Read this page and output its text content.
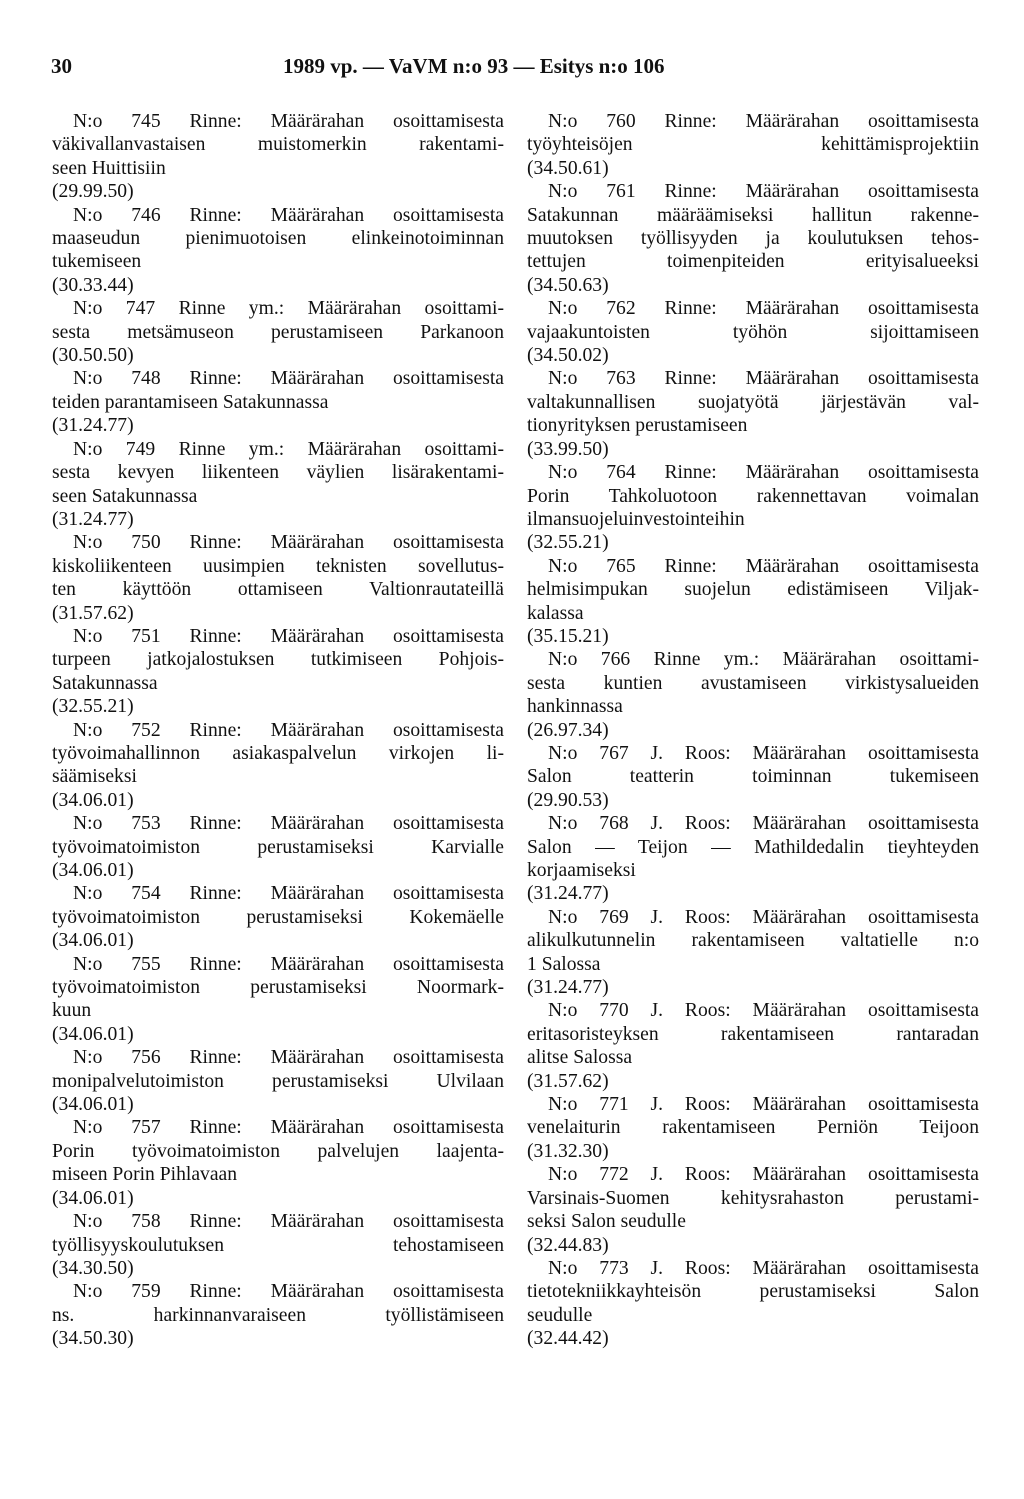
30	1989 vp. — VaVM n:o 93 — Esitys n:o 106

N:o 745 Rinne: Määrärahan osoittamisesta
väkivallanvastaisen muistomerkin rakentami-
seen Huittisiin
(29.99.50)

N:o 746 Rinne: Määrärahan osoittamisesta
maaseudun pienimuotoisen elinkeinotoiminnan
tukemiseen
(30.33.44)

N:o 747 Rinne ym.: Määrärahan osoittami-
sesta metsämuseon perustamiseen Parkanoon
(30.50.50)

N:o 748 Rinne: Määrärahan osoittamisesta
teiden parantamiseen Satakunnassa
(31.24.77)

N:o 749 Rinne ym.: Määrärahan osoittami-
sesta kevyen liikenteen väylien lisärakentami-
seen Satakunnassa
(31.24.77)

N:o 750 Rinne: Määrärahan osoittamisesta
kiskoliikenteen uusimpien teknisten sovellutus-
ten käyttöön ottamiseen Valtionrautateillä
(31.57.62)

N:o 751 Rinne: Määrärahan osoittamisesta
turpeen jatkojalostuksen tutkimiseen Pohjois-
Satakunnassa
(32.55.21)

N:o 752 Rinne: Määrärahan osoittamisesta
työvoimahallinnon asiakaspalvelun virkojen li-
säämiseksi
(34.06.01)

N:o 753 Rinne: Määrärahan osoittamisesta
työvoimatoimiston perustamiseksi Karvialle
(34.06.01)

N:o 754 Rinne: Määrärahan osoittamisesta
työvoimatoimiston perustamiseksi Kokemäelle
(34.06.01)

N:o 755 Rinne: Määrärahan osoittamisesta
työvoimatoimiston perustamiseksi Noormark-
kuun
(34.06.01)

N:o 756 Rinne: Määrärahan osoittamisesta
monipalvelutoimiston perustamiseksi Ulvilaan
(34.06.01)

N:o 757 Rinne: Määrärahan osoittamisesta
Porin työvoimatoimiston palvelujen laajenta-
miseen Porin Pihlavaan
(34.06.01)

N:o 758 Rinne: Määrärahan osoittamisesta
työllisyyskoulutuksen tehostamiseen
(34.30.50)

N:o 759 Rinne: Määrärahan osoittamisesta
ns. harkinnanvaraiseen työllistämiseen
(34.50.30)

N:o 760 Rinne: Määrärahan osoittamisesta
työyhteisöjen kehittämisprojektiin
(34.50.61)

N:o 761 Rinne: Määrärahan osoittamisesta
Satakunnan määräämiseksi hallitun rakenne-
muutoksen työllisyyden ja koulutuksen tehos-
tettujen toimenpiteiden erityisalueeksi
(34.50.63)

N:o 762 Rinne: Määrärahan osoittamisesta
vajaakuntoisten työhön sijoittamiseen
(34.50.02)

N:o 763 Rinne: Määrärahan osoittamisesta
valtakunnallisen suojatyötä järjestävän val-
tionyrityksen perustamiseen
(33.99.50)

N:o 764 Rinne: Määrärahan osoittamisesta
Porin Tahkoluotoon rakennettavan voimalan
ilmansuojeluinvestointeihin
(32.55.21)

N:o 765 Rinne: Määrärahan osoittamisesta
helmisimpukan suojelun edistämiseen Viljak-
kalassa
(35.15.21)

N:o 766 Rinne ym.: Määrärahan osoittami-
sesta kuntien avustamiseen virkistysalueiden
hankinnassa
(26.97.34)

N:o 767 J. Roos: Määrärahan osoittamisesta
Salon teatterin toiminnan tukemiseen
(29.90.53)

N:o 768 J. Roos: Määrärahan osoittamisesta
Salon — Teijon — Mathildedalin tieyhteyden
korjaamiseksi
(31.24.77)

N:o 769 J. Roos: Määrärahan osoittamisesta
alikulkutunnelin rakentamiseen valtatielle n:o
1 Salossa
(31.24.77)

N:o 770 J. Roos: Määrärahan osoittamisesta
eritasoristeyksen rakentamiseen rantaradan
alitse Salossa
(31.57.62)

N:o 771 J. Roos: Määrärahan osoittamisesta
venelaiturin rakentamiseen Perniön Teijoon
(31.32.30)

N:o 772 J. Roos: Määrärahan osoittamisesta
Varsinais-Suomen kehitysrahaston perustami-
seksi Salon seudulle
(32.44.83)

N:o 773 J. Roos: Määrärahan osoittamisesta
tietotekniikkayhteisön perustamiseksi Salon
seudulle
(32.44.42)
